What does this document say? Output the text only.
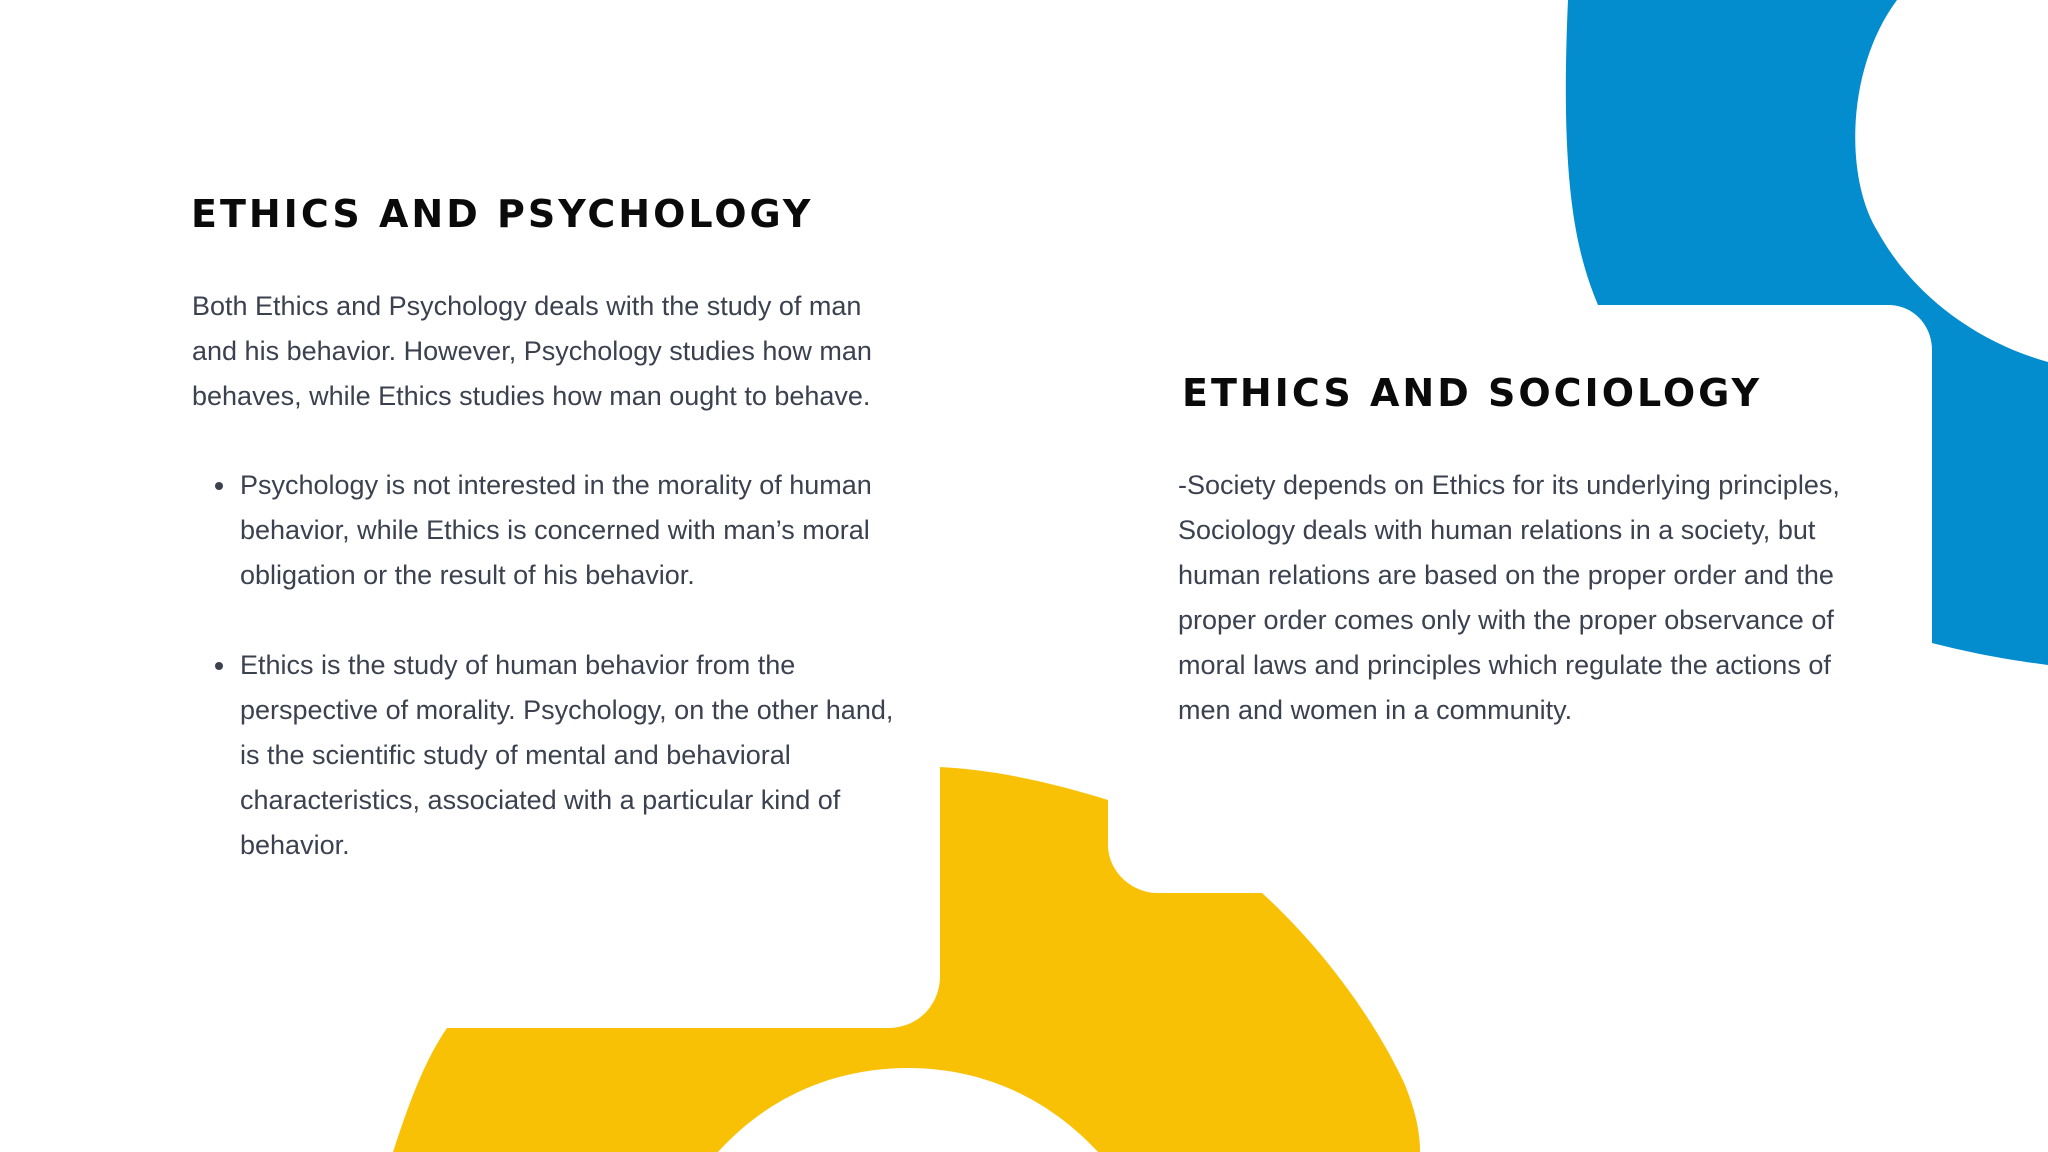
ETHICS AND PSYCHOLOGY

Both Ethics and Psychology deals with the study of man and his behavior. However, Psychology studies how man behaves, while Ethics studies how man ought to behave.

Psychology is not interested in the morality of human behavior, while Ethics is concerned with man’s moral obligation or the result of his behavior.
Ethics is the study of human behavior from the perspective of morality. Psychology, on the other hand, is the scientific study of mental and behavioral characteristics, associated with a particular kind of behavior.
ETHICS AND SOCIOLOGY

-Society depends on Ethics for its underlying principles, Sociology deals with human relations in a society, but human relations are based on the proper order and the proper order comes only with the proper observance of moral laws and principles which regulate the actions of men and women in a community.
